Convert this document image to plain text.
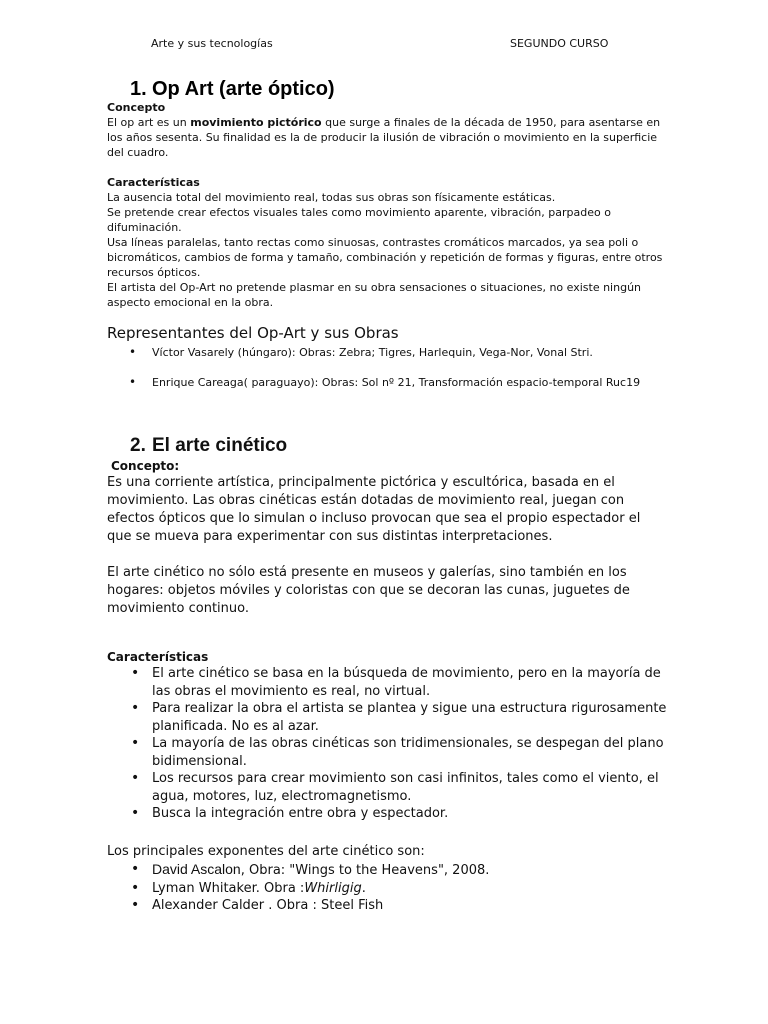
Arte y sus tecnologías	SEGUNDO CURSO
1. Op Art (arte óptico)

Concepto

El op art es un movimiento pictórico que surge a finales de la década de 1950, para asentarse en los años sesenta. Su finalidad es la de producir la ilusión de vibración o movimiento en la superficie del cuadro.

Características

La ausencia total del movimiento real, todas sus obras son físicamente estáticas.

Se pretende crear efectos visuales tales como movimiento aparente, vibración, parpadeo o difuminación.

Usa líneas paralelas, tanto rectas como sinuosas, contrastes cromáticos marcados, ya sea poli o bicromáticos, cambios de forma y tamaño, combinación y repetición de formas y figuras, entre otros recursos ópticos.

El artista del Op-Art no pretende plasmar en su obra sensaciones o situaciones, no existe ningún aspecto emocional en la obra.

Representantes del Op-Art y sus Obras

• Víctor Vasarely (húngaro): Obras: Zebra; Tigres, Harlequin, Vega-Nor, Vonal Stri.
• Enrique Careaga( paraguayo): Obras: Sol nº 21, Transformación espacio-temporal Ruc19
2. El arte cinético

Concepto:

Es una corriente artística, principalmente pictórica y escultórica, basada en el movimiento. Las obras cinéticas están dotadas de movimiento real, juegan con efectos ópticos que lo simulan o incluso provocan que sea el propio espectador el que se mueva para experimentar con sus distintas interpretaciones.

El arte cinético no sólo está presente en museos y galerías, sino también en los hogares: objetos móviles y coloristas con que se decoran las cunas, juguetes de movimiento continuo.

Características

• El arte cinético se basa en la búsqueda de movimiento, pero en la mayoría de las obras el movimiento es real, no virtual.
• Para realizar la obra el artista se plantea y sigue una estructura rigurosamente planificada. No es al azar.
• La mayoría de las obras cinéticas son tridimensionales, se despegan del plano bidimensional.
• Los recursos para crear movimiento son casi infinitos, tales como el viento, el agua, motores, luz, electromagnetismo.
• Busca la integración entre obra y espectador.

Los principales exponentes del arte cinético son:

• David Ascalon, Obra: "Wings to the Heavens", 2008.
• Lyman Whitaker. Obra :Whirligig.
• Alexander Calder . Obra : Steel Fish
